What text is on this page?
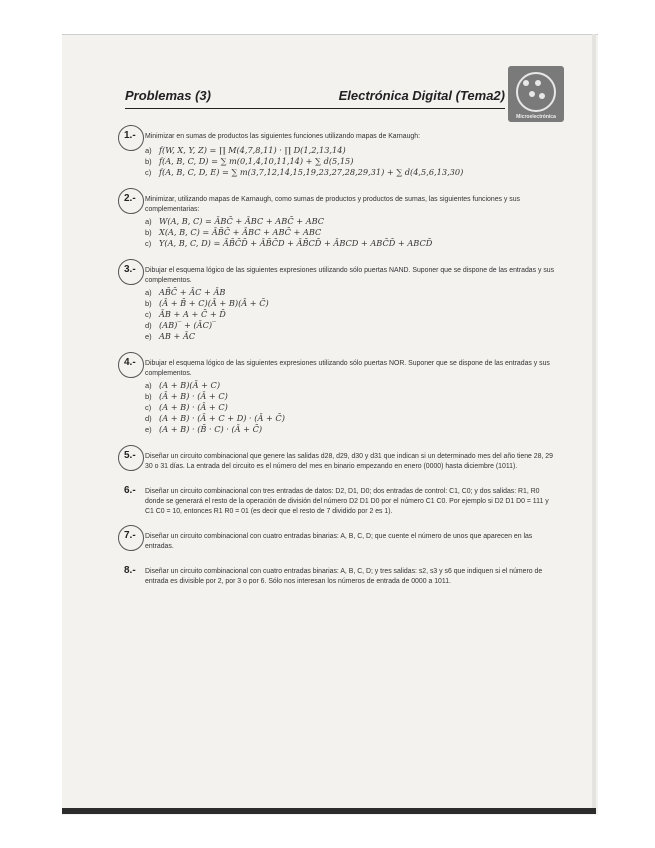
Problemas (3)	Electrónica Digital (Tema2)
Microelectrónica
1.- Minimizar en sumas de productos las siguientes funciones utilizando mapas de Karnaugh:
a) f(W, X, Y, Z) = ∏ M(4,7,8,11) · ∏ D(1,2,13,14)
b) f(A, B, C, D) = ∑ m(0,1,4,10,11,14) + ∑ d(5,15)
c) f(A, B, C, D, E) = ∑ m(3,7,12,14,15,19,23,27,28,29,31) + ∑ d(4,5,6,13,30)
2.- Minimizar, utilizando mapas de Karnaugh, como sumas de productos y productos de sumas, las siguientes funciones y sus complementarias:
a) W(A, B, C) = ĀBC̄ + ĀBC + ABC̄ + ABC
b) X(A, B, C) = ĀB̄C̄ + ĀBC + ABC̄ + ABC
c) Y(A, B, C, D) = ĀB̄C̄D̄ + ĀB̄C̄D + ĀB̄CD̄ + ĀBCD + ABC̄D̄ + ABCD̄
3.- Dibujar el esquema lógico de las siguientes expresiones utilizando sólo puertas NAND. Suponer que se dispone de las entradas y sus complementos.
a) AB̄C̄ + ĀC + ĀB
b) (Ā + B̄ + C)(Ā + B)(Ā + C̄)
c) ĀB + A + C̄ + D̄
d) (AB)‾ + (ĀC)‾
e) AB + ĀC
4.- Dibujar el esquema lógico de las siguientes expresiones utilizando sólo puertas NOR. Suponer que se dispone de las entradas y sus complementos.
a) (A + B)(Ā + C)
b) (Ā + B) · (Ā + C)
c) (A + B) · (Ā + C)
d) (A + B) · (Ā + C + D) · (Ā + C̄)
e) (A + B) · (B̄ · C) · (Ā + C̄)
5.- Diseñar un circuito combinacional que genere las salidas d28, d29, d30 y d31 que indican si un determinado mes del año tiene 28, 29 30 o 31 días. La entrada del circuito es el número del mes en binario empezando en enero (0000) hasta diciembre (1011).
6.- Diseñar un circuito combinacional con tres entradas de datos: D2, D1, D0; dos entradas de control: C1, C0; y dos salidas: R1, R0 donde se generará el resto de la operación de división del número D2 D1 D0 por el número C1 C0. Por ejemplo si D2 D1 D0 = 111 y C1 C0 = 10, entonces R1 R0 = 01 (es decir que el resto de 7 dividido por 2 es 1).
7.- Diseñar un circuito combinacional con cuatro entradas binarias: A, B, C, D; que cuente el número de unos que aparecen en las entradas.
8.- Diseñar un circuito combinacional con cuatro entradas binarias: A, B, C, D; y tres salidas: s2, s3 y s6 que indiquen si el número de entrada es divisible por 2, por 3 o por 6. Sólo nos interesan los números de entrada de 0000 a 1011.
